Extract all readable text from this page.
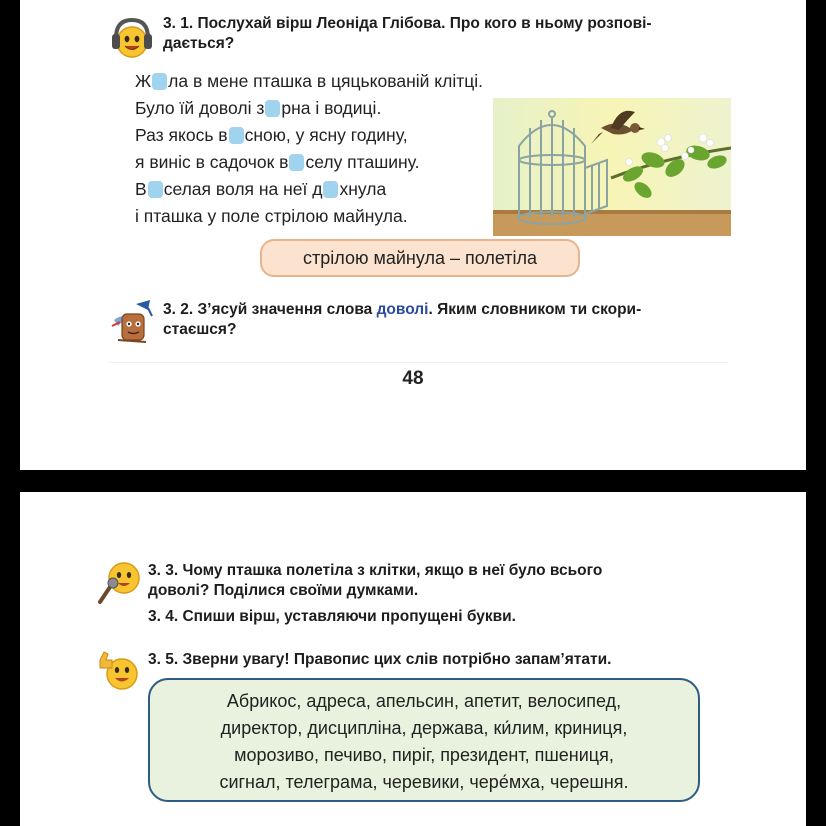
3. 1. Послухай вірш Леоніда Глібова. Про кого в ньому розпові-
дається?
Ж ла в мене пташка в цяцькованій клітці.
Було їй доволі з рна і водиці.
Раз якось в сною, у ясну годину,
я виніс в садочок в селу пташину.
В селая воля на неї д хнула
і пташка у поле стрілою майнула.
стрілою майнула – полетіла
3. 2. З’ясуй значення слова доволі. Яким словником ти скори-
стаєшся?
48
3. 3. Чому пташка полетіла з клітки, якщо в неї було всього
доволі? Поділися своїми думками.
3. 4. Спиши вірш, уставляючи пропущені букви.
3. 5. Зверни увагу! Правопис цих слів потрібно запам’ятати.
Абрикос, адреса, апельсин, апетит, велосипед,
директор, дисципліна, держава, ки́лим, криниця,
морозиво, печиво, пиріг, президент, пшениця,
сигнал, телеграма, черевики, чере́мха, черешня.
